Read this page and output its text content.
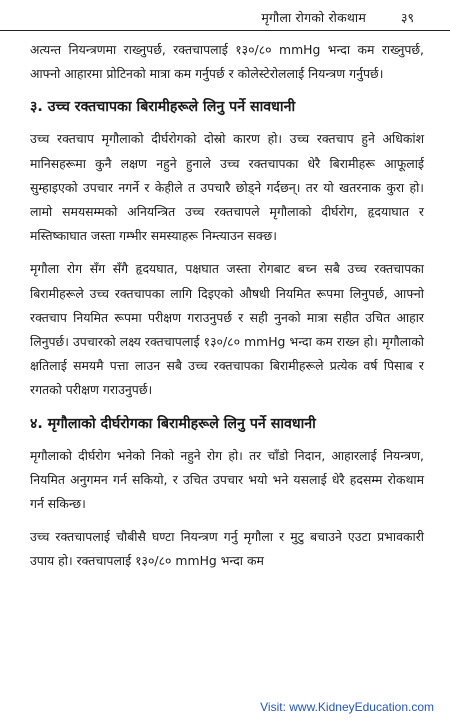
मृगौला रोगको रोकथाम	३९

अत्यन्त नियन्त्रणमा राख्नुपर्छ, रक्तचापलाई १३०/८० mmHg भन्दा कम राख्नुपर्छ, आफ्नो आहारमा प्रोटिनको मात्रा कम गर्नुपर्छ र कोलेस्टेरोललाई नियन्त्रण गर्नुपर्छ।

३. उच्च रक्तचापका बिरामीहरूले लिनु पर्ने सावधानी

उच्च रक्तचाप मृगौलाको दीर्घरोगको दोस्रो कारण हो। उच्च रक्तचाप हुने अधिकांश मानिसहरूमा कुनै लक्षण नहुने हुनाले उच्च रक्तचापका धेरै बिरामीहरू आफूलाई सुम्हाइएको उपचार नगर्ने र केहीले त उपचारै छोड्ने गर्दछन्। तर यो खतरनाक कुरा हो। लामो समयसम्मको अनियन्त्रित उच्च रक्तचापले मृगौलाको दीर्घरोग, हृदयाघात र मस्तिष्काघात जस्ता गम्भीर समस्याहरू निम्त्याउन सक्छ।

मृगौला रोग सँग सँगै हृदयघात, पक्षघात जस्ता रोगबाट बच्न सबै उच्च रक्तचापका बिरामीहरूले उच्च रक्तचापका लागि दिइएको औषधी नियमित रूपमा लिनुपर्छ, आफ्नो रक्तचाप नियमित रूपमा परीक्षण गराउनुपर्छ र सही नुनको मात्रा सहीत उचित आहार लिनुपर्छ। उपचारको लक्ष्य रक्तचापलाई १३०/८० mmHg भन्दा कम राख्न हो। मृगौलाको क्षतिलाई समयमै पत्ता लाउन सबै उच्च रक्तचापका बिरामीहरूले प्रत्येक वर्ष पिसाब र रगतको परीक्षण गराउनुपर्छ।

४. मृगौलाको दीर्घरोगका बिरामीहरूले लिनु पर्ने सावधानी

मृगौलाको दीर्घरोग भनेको निको नहुने रोग हो। तर चाँडो निदान, आहारलाई नियन्त्रण, नियमित अनुगमन गर्न सकियो, र उचित उपचार भयो भने यसलाई धेरै हदसम्म रोकथाम गर्न सकिन्छ।

उच्च रक्तचापलाई चौबीसै घण्टा नियन्त्रण गर्नु मृगौला र मुटु बचाउने एउटा प्रभावकारी उपाय हो। रक्तचापलाई १३०/८० mmHg भन्दा कम

Visit: www.KidneyEducation.com
